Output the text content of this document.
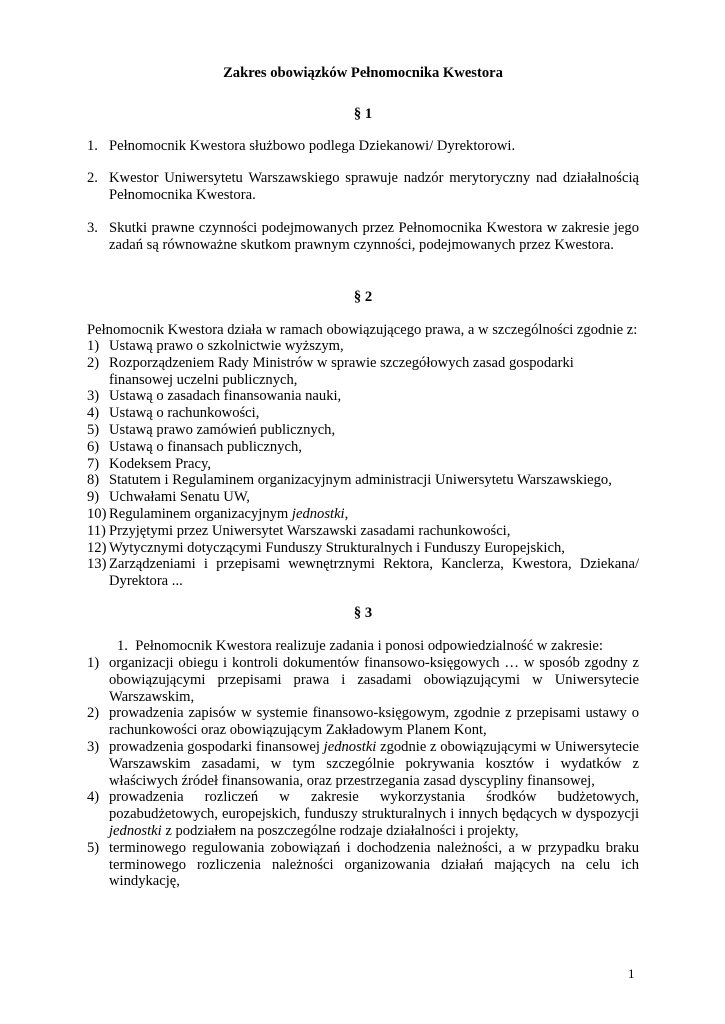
Zakres obowiązków Pełnomocnika Kwestora
§ 1
1. Pełnomocnik Kwestora służbowo podlega Dziekanowi/ Dyrektorowi.
2. Kwestor Uniwersytetu Warszawskiego sprawuje nadzór merytoryczny nad działalnością Pełnomocnika Kwestora.
3. Skutki prawne czynności podejmowanych przez Pełnomocnika Kwestora w zakresie jego zadań są równoważne skutkom prawnym czynności, podejmowanych przez Kwestora.
§ 2
Pełnomocnik Kwestora działa w ramach obowiązującego prawa, a w szczególności zgodnie z:
1) Ustawą prawo o szkolnictwie wyższym,
2) Rozporządzeniem Rady Ministrów w sprawie szczegółowych zasad gospodarki finansowej uczelni publicznych,
3) Ustawą o zasadach finansowania nauki,
4) Ustawą o rachunkowości,
5) Ustawą prawo zamówień publicznych,
6) Ustawą o finansach publicznych,
7) Kodeksem Pracy,
8) Statutem i Regulaminem organizacyjnym administracji Uniwersytetu Warszawskiego,
9) Uchwałami Senatu UW,
10) Regulaminem organizacyjnym jednostki,
11) Przyjętymi przez Uniwersytet Warszawski zasadami rachunkowości,
12) Wytycznymi dotyczącymi Funduszy Strukturalnych i Funduszy Europejskich,
13) Zarządzeniami i przepisami wewnętrznymi Rektora, Kanclerza, Kwestora, Dziekana/ Dyrektora ...
§ 3
1. Pełnomocnik Kwestora realizuje zadania i ponosi odpowiedzialność w zakresie:
1) organizacji obiegu i kontroli dokumentów finansowo-księgowych … w sposób zgodny z obowiązującymi przepisami prawa i zasadami obowiązującymi w Uniwersytecie Warszawskim,
2) prowadzenia zapisów w systemie finansowo-księgowym, zgodnie z przepisami ustawy o rachunkowości oraz obowiązującym Zakładowym Planem Kont,
3) prowadzenia gospodarki finansowej jednostki zgodnie z obowiązującymi w Uniwersytecie Warszawskim zasadami, w tym szczególnie pokrywania kosztów i wydatków z właściwych źródeł finansowania, oraz przestrzegania zasad dyscypliny finansowej,
4) prowadzenia rozliczeń w zakresie wykorzystania środków budżetowych, pozabudżetowych, europejskich, funduszy strukturalnych i innych będących w dyspozycji jednostki z podziałem na poszczególne rodzaje działalności i projekty,
5) terminowego regulowania zobowiązań i dochodzenia należności, a w przypadku braku terminowego rozliczenia należności organizowania działań mających na celu ich windykację,
1
